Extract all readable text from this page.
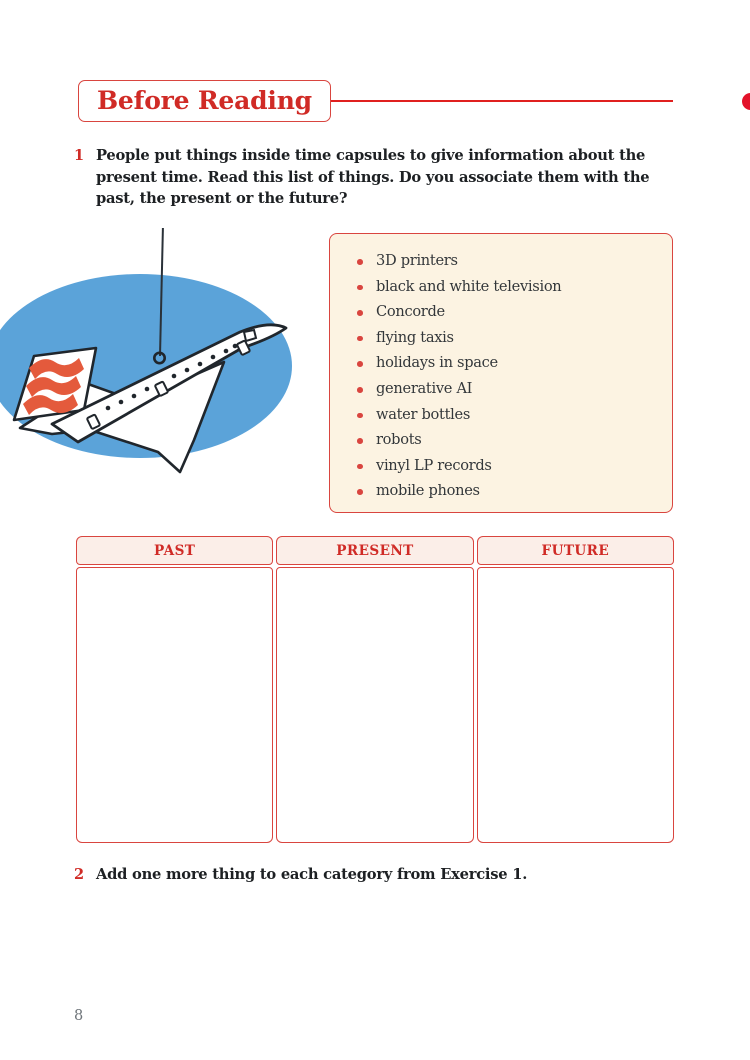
Before Reading
1 People put things inside time capsules to give information about the present time. Read this list of things. Do you associate them with the past, the present or the future?
3D printers
black and white television
Concorde
flying taxis
holidays in space
generative AI
water bottles
robots
vinyl LP records
mobile phones
PAST	PRESENT	FUTURE
2 Add one more thing to each category from Exercise 1.
8
